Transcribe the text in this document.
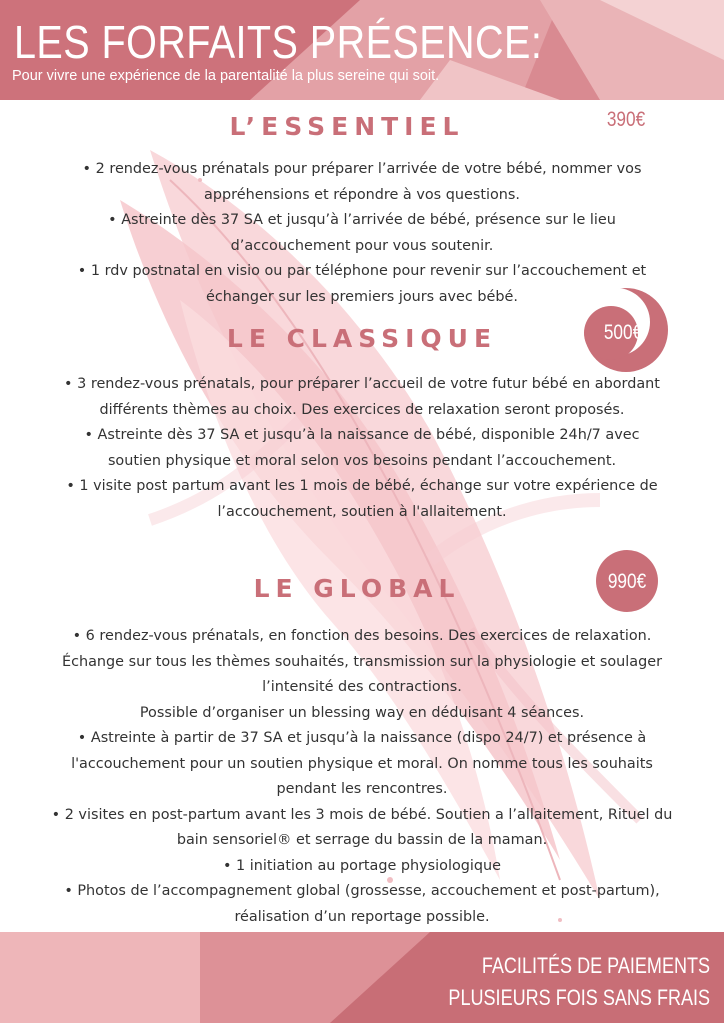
LES FORFAITS PRÉSENCE:
Pour vivre une expérience de la parentalité la plus sereine qui soit.
L’ESSENTIEL	390€
• 2 rendez-vous prénatals pour préparer l’arrivée de votre bébé, nommer vos
appréhensions et répondre à vos questions.
• Astreinte dès 37 SA et jusqu’à l’arrivée de bébé, présence sur le lieu
d’accouchement pour vous soutenir.
• 1 rdv postnatal en visio ou par téléphone pour revenir sur l’accouchement et
échanger sur les premiers jours avec bébé.
LE CLASSIQUE	500€
• 3 rendez-vous prénatals, pour préparer l’accueil de votre futur bébé en abordant
différents thèmes au choix. Des exercices de relaxation seront proposés.
• Astreinte dès 37 SA et jusqu’à la naissance de bébé, disponible 24h/7 avec
soutien physique et moral selon vos besoins pendant l’accouchement.
• 1 visite post partum avant les 1 mois de bébé, échange sur votre expérience de
l’accouchement, soutien à l'allaitement.
LE GLOBAL	990€
• 6 rendez-vous prénatals, en fonction des besoins. Des exercices de relaxation.
Échange sur tous les thèmes souhaités, transmission sur la physiologie et soulager
l’intensité des contractions.
Possible d’organiser un blessing way en déduisant 4 séances.
• Astreinte à partir de 37 SA et jusqu’à la naissance (dispo 24/7) et présence à
l'accouchement pour un soutien physique et moral. On nomme tous les souhaits
pendant les rencontres.
• 2 visites en post-partum avant les 3 mois de bébé. Soutien a l’allaitement, Rituel du
bain sensoriel® et serrage du bassin de la maman.
• 1 initiation au portage physiologique
• Photos de l’accompagnement global (grossesse, accouchement et post-partum),
réalisation d’un reportage possible.
FACILITÉS DE PAIEMENTS
PLUSIEURS FOIS SANS FRAIS
